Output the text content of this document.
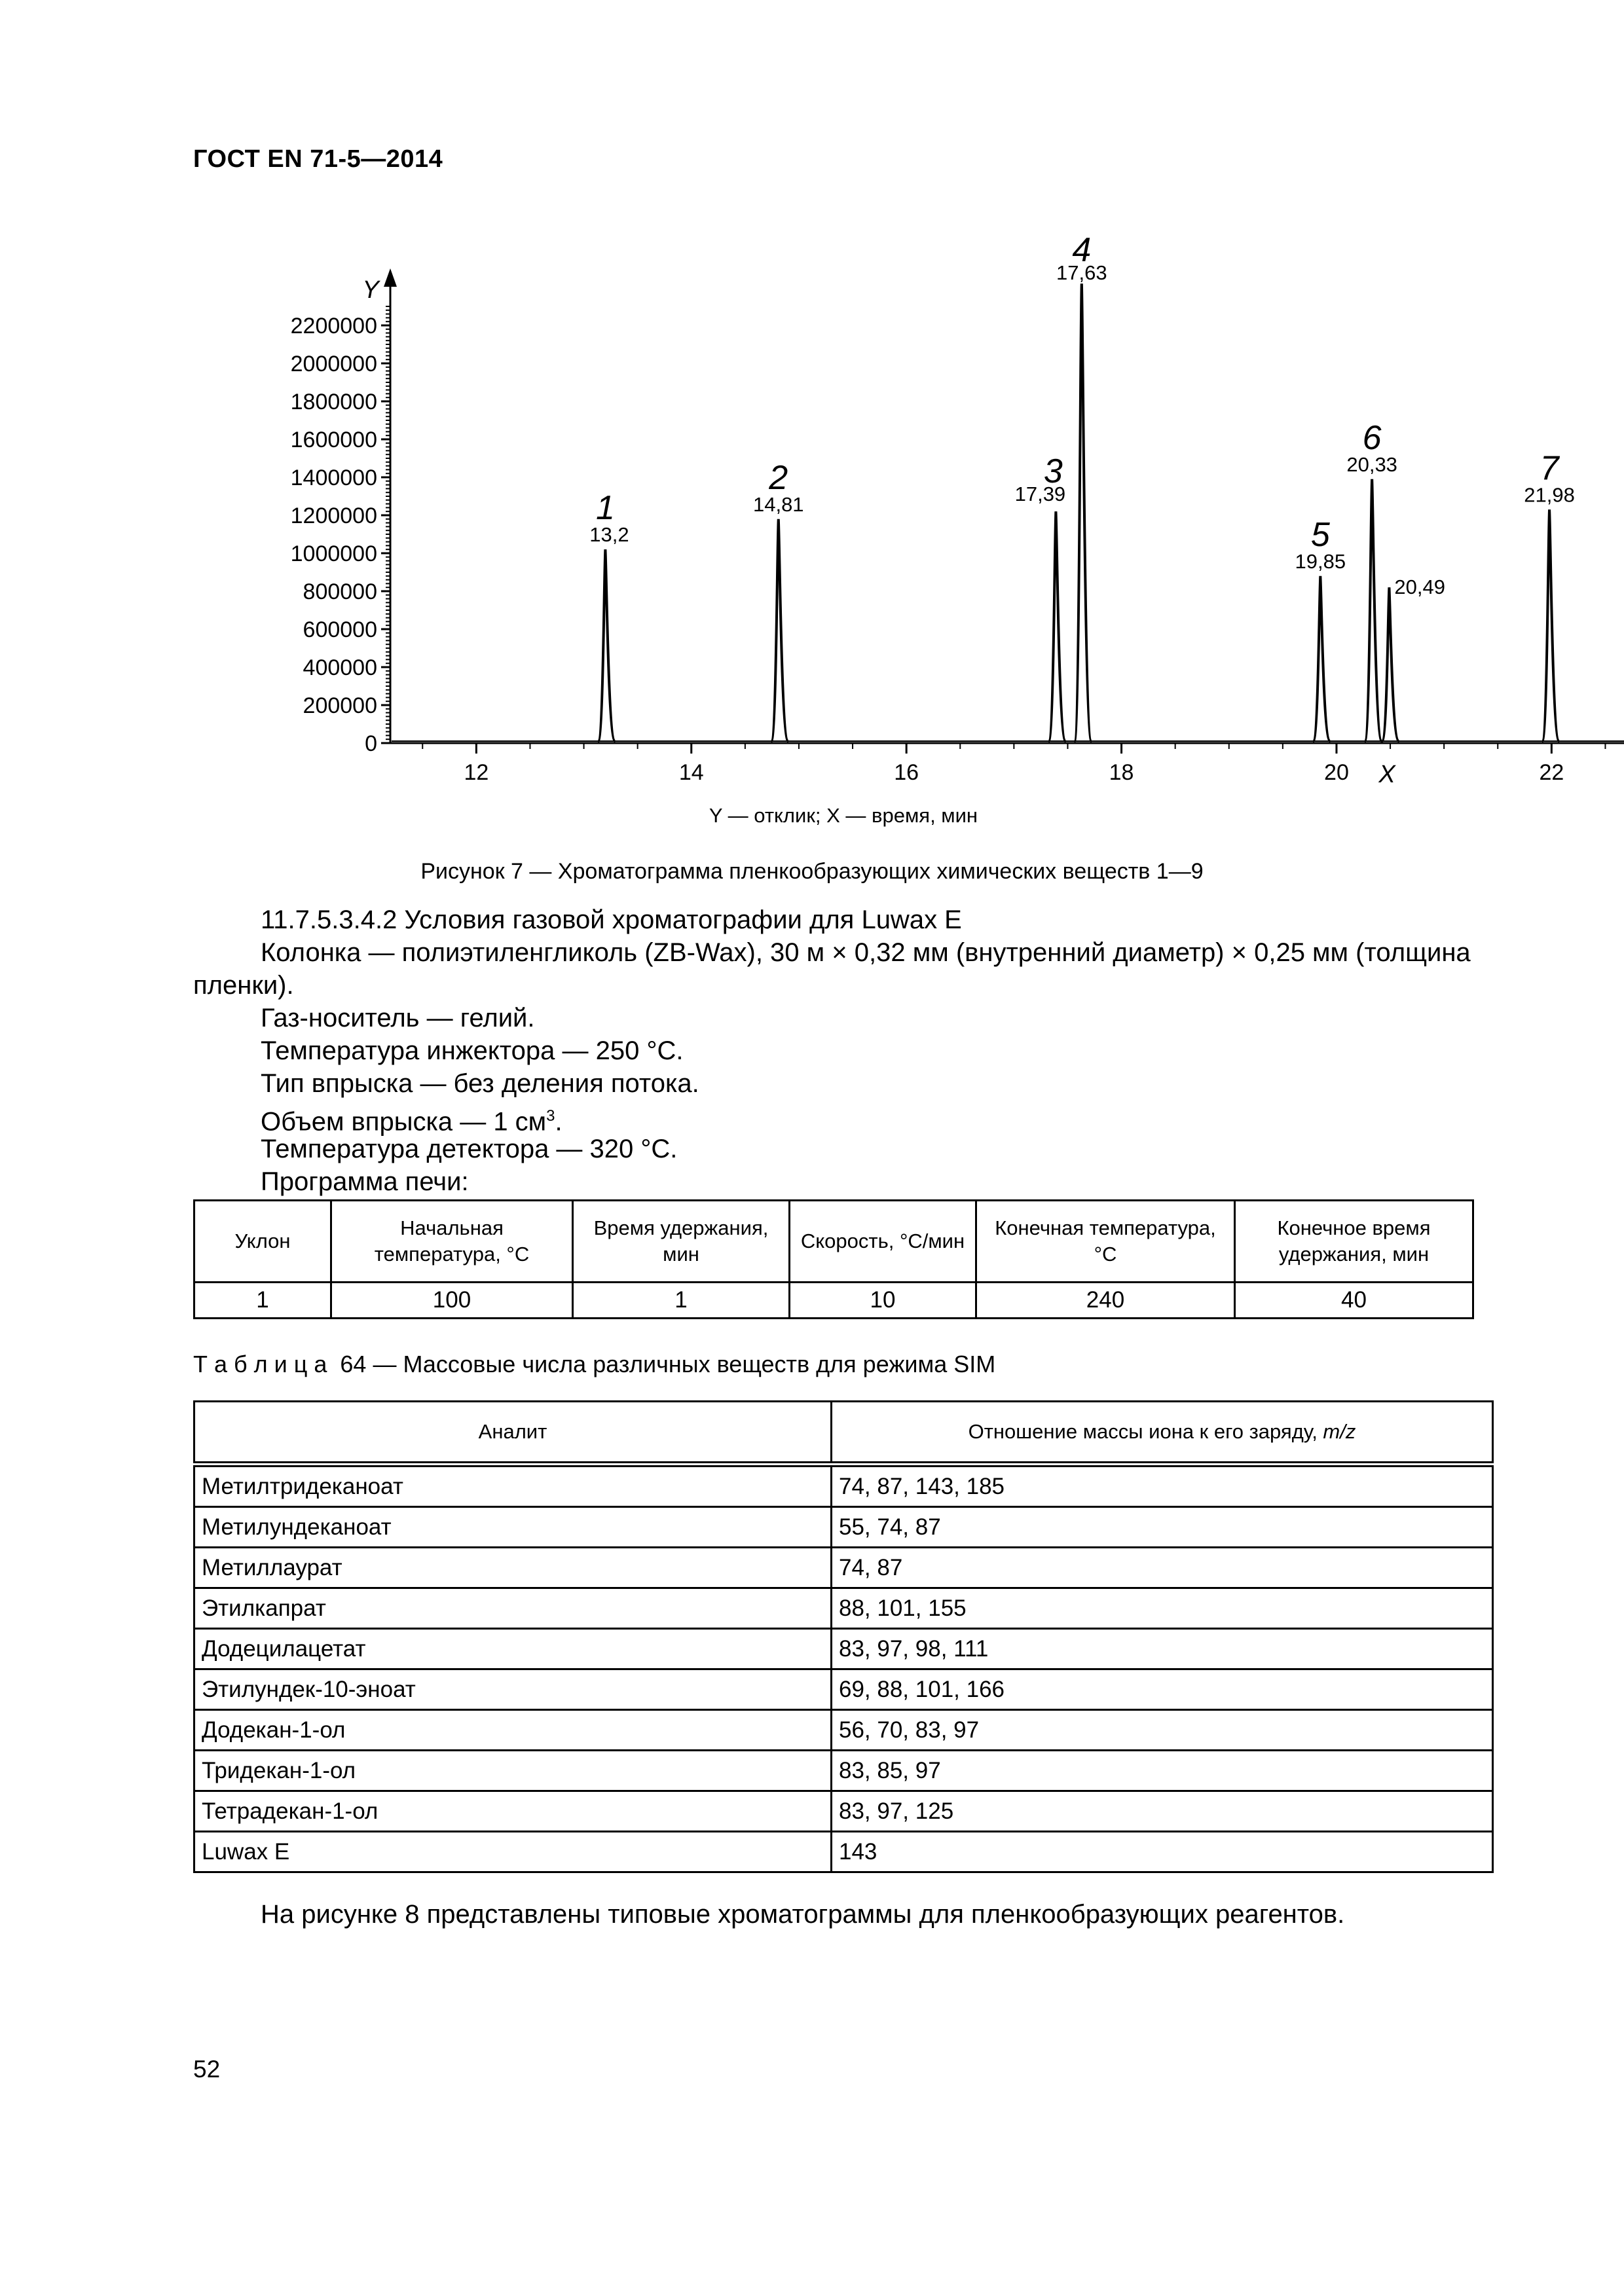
ГОСТ EN 71-5—2014
0
200000
400000
600000
800000
1000000
1200000
1400000
1600000
1800000
2000000
2200000
12	14	16	18	20	22
1
13,2
2
14,81
3
17,39
4
17,63
5
19,85
6
20,33
20,49
7
21,98
X
Y
Y — отклик; X — время, мин
Рисунок 7 — Хроматограмма пленкообразующих химических веществ 1—9
11.7.5.3.4.2 Условия газовой хроматографии для Luwax E
Колонка — полиэтиленгликоль (ZB-Wax), 30 м × 0,32 мм (внутренний диаметр) × 0,25 мм (толщина
пленки).
Газ-носитель — гелий.
Температура инжектора — 250 °C.
Тип впрыска — без деления потока.
Объем впрыска — 1 $см^3$.
Температура детектора — 320 °C.
Программа печи:
Уклон	Начальная температура, °C	Время удержания, мин	Скорость, °C/мин	Конечная температура, °C	Конечное время удержания, мин
1	100	1	10	240	40
Т а б л и ц а  64 — Массовые числа различных веществ для режима SIM
Аналит	Отношение массы иона к его заряду, m/z
Метилтридеканоат	74, 87, 143, 185
Метилундеканоат	55, 74, 87
Метиллаурат	74, 87
Этилкапрат	88, 101, 155
Додецилацетат	83, 97, 98, 111
Этилундек-10-эноат	69, 88, 101, 166
Додекан-1-ол	56, 70, 83, 97
Тридекан-1-ол	83, 85, 97
Тетрадекан-1-ол	83, 97, 125
Luwax E	143
На рисунке 8 представлены типовые хроматограммы для пленкообразующих реагентов.
52
